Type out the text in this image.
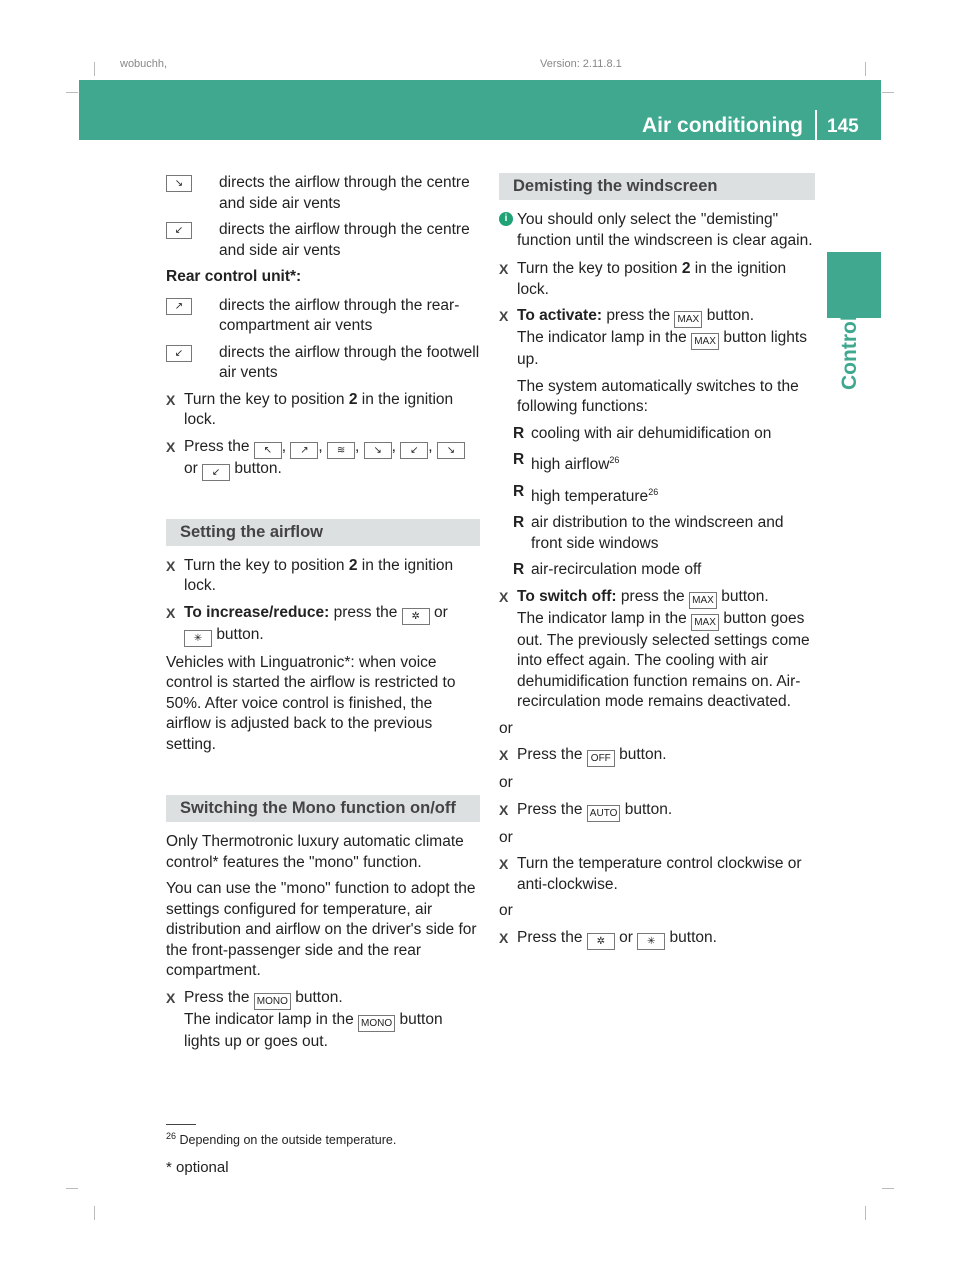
wobuchh,	Version: 2.11.8.1
Air conditioning 145
Controls
↘	directs the airflow through the centre and side air vents
↙	directs the airflow through the centre and side air vents

Rear control unit*:

↗	directs the airflow through the rear-compartment air vents
↙	directs the airflow through the footwell air vents
X Turn the key to position 2 in the ignition lock.
X Press the ↖ , ↗ , ≋ , ↘ , ↙ , ↘ or ↙ button.
Setting the airflow
X Turn the key to position 2 in the ignition lock.
X To increase/reduce: press the ✲ or ✳ button.

Vehicles with Linguatronic*: when voice control is started the airflow is restricted to 50%. After voice control is finished, the airflow is adjusted back to the previous setting.

Switching the Mono function on/off

Only Thermotronic luxury automatic climate control* features the "mono" function.

You can use the "mono" function to adopt the settings configured for temperature, air distribution and airflow on the driver's side for the front-passenger side and the rear compartment.

X Press the MONO button.
The indicator lamp in the MONO button lights up or goes out.
Demisting the windscreen
i You should only select the "demisting" function until the windscreen is clear again.
X Turn the key to position 2 in the ignition lock.
X To activate: press the MAX button.
The indicator lamp in the MAX button lights up.
The system automatically switches to the following functions:
R cooling with air dehumidification on
R high airflow$^{26}$
R high temperature$^{26}$
R air distribution to the windscreen and front side windows
R air-recirculation mode off
X To switch off: press the MAX button.
The indicator lamp in the MAX button goes out. The previously selected settings come into effect again. The cooling with air dehumidification function remains on. Air-recirculation mode remains deactivated.

or

X Press the OFF button.

or

X Press the AUTO button.

or

X Turn the temperature control clockwise or anti-clockwise.

or

X Press the ✲ or ✳ button.
$^{26}$ Depending on the outside temperature.
* optional
